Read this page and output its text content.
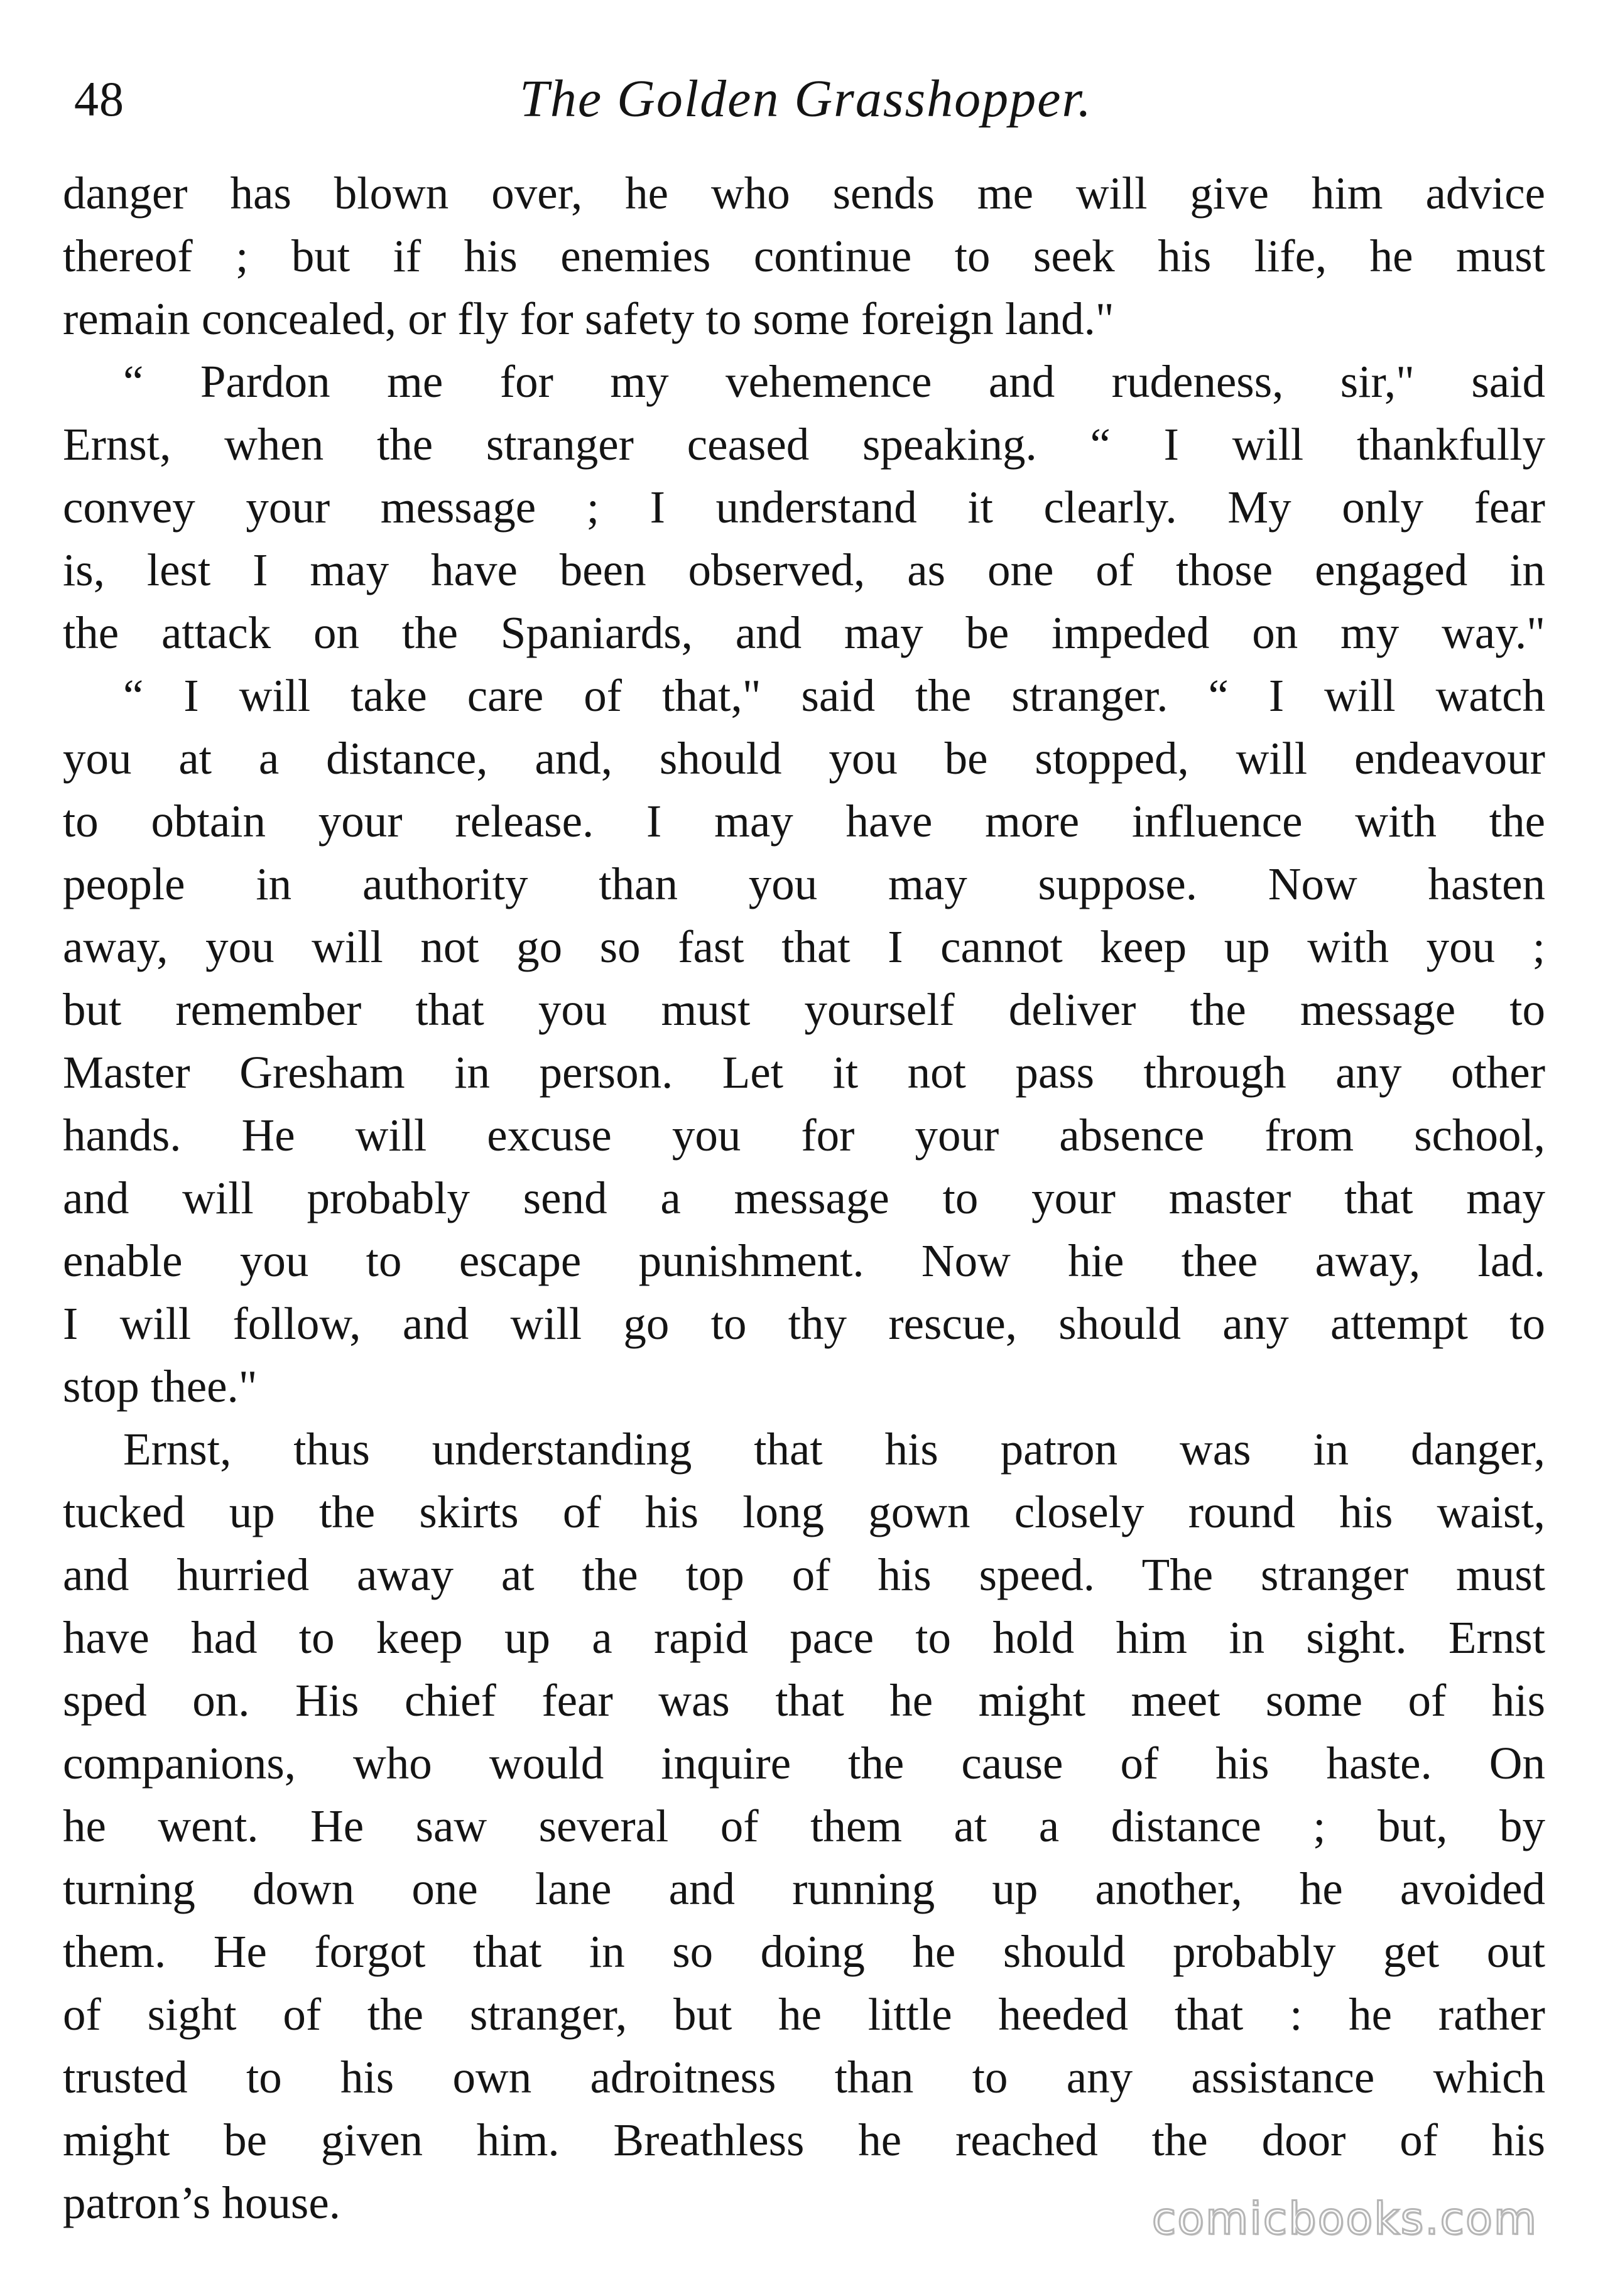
48	The Golden Grasshopper.
danger has blown over, he who sends me will give him advice
thereof ; but if his enemies continue to seek his life, he must
remain concealed, or fly for safety to some foreign land."
“ Pardon me for my vehemence and rudeness, sir," said
Ernst, when the stranger ceased speaking. “ I will thankfully
convey your message ; I understand it clearly. My only fear
is, lest I may have been observed, as one of those engaged in
the attack on the Spaniards, and may be impeded on my way."
“ I will take care of that," said the stranger. “ I will watch
you at a distance, and, should you be stopped, will endeavour
to obtain your release. I may have more influence with the
people in authority than you may suppose. Now hasten
away, you will not go so fast that I cannot keep up with you ;
but remember that you must yourself deliver the message to
Master Gresham in person. Let it not pass through any other
hands. He will excuse you for your absence from school,
and will probably send a message to your master that may
enable you to escape punishment. Now hie thee away, lad.
I will follow, and will go to thy rescue, should any attempt to
stop thee."
Ernst, thus understanding that his patron was in danger,
tucked up the skirts of his long gown closely round his waist,
and hurried away at the top of his speed. The stranger must
have had to keep up a rapid pace to hold him in sight. Ernst
sped on. His chief fear was that he might meet some of his
companions, who would inquire the cause of his haste. On
he went. He saw several of them at a distance ; but, by
turning down one lane and running up another, he avoided
them. He forgot that in so doing he should probably get out
of sight of the stranger, but he little heeded that : he rather
trusted to his own adroitness than to any assistance which
might be given him. Breathless he reached the door of his
patron’s house.	comicbooks.com
